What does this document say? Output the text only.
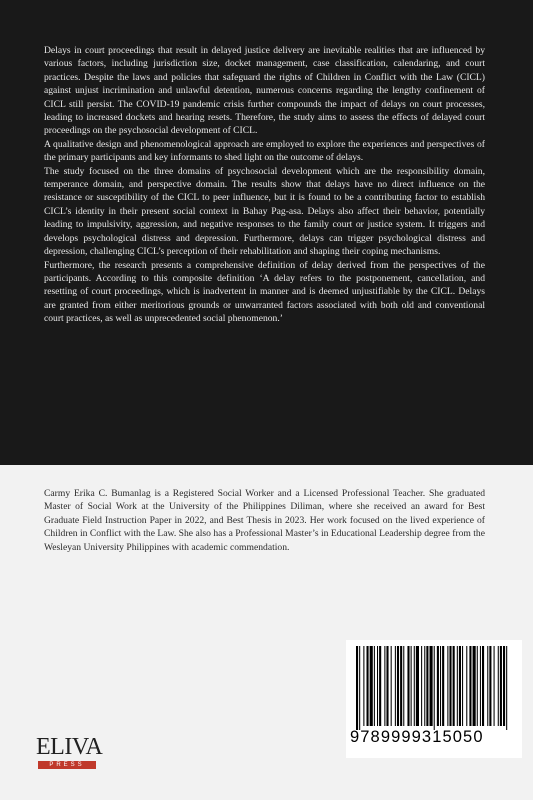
Delays in court proceedings that result in delayed justice delivery are inevitable realities that are influenced by various factors, including jurisdiction size, docket management, case classification, calendaring, and court practices. Despite the laws and policies that safeguard the rights of Children in Conflict with the Law (CICL) against unjust incrimination and unlawful detention, numerous concerns regarding the lengthy confinement of CICL still persist. The COVID-19 pandemic crisis further compounds the impact of delays on court processes, leading to increased dockets and hearing resets. Therefore, the study aims to assess the effects of delayed court proceedings on the psychosocial development of CICL.

A qualitative design and phenomenological approach are employed to explore the experiences and perspectives of the primary participants and key informants to shed light on the outcome of delays.

The study focused on the three domains of psychosocial development which are the responsibility domain, temperance domain, and perspective domain. The results show that delays have no direct influence on the resistance or susceptibility of the CICL to peer influence, but it is found to be a contributing factor to establish CICL’s identity in their present social context in Bahay Pag-asa. Delays also affect their behavior, potentially leading to impulsivity, aggression, and negative responses to the family court or justice system. It triggers and develops psychological distress and depression. Furthermore, delays can trigger psychological distress and depression, challenging CICL’s perception of their rehabilitation and shaping their coping mechanisms.

Furthermore, the research presents a comprehensive definition of delay derived from the perspectives of the participants. According to this composite definition ‘A delay refers to the postponement, cancellation, and resetting of court proceedings, which is inadvertent in manner and is deemed unjustifiable by the CICL. Delays are granted from either meritorious grounds or unwarranted factors associated with both old and conventional court practices, as well as unprecedented social phenomenon.’

Carmy Erika C. Bumanlag is a Registered Social Worker and a Licensed Professional Teacher. She graduated Master of Social Work at the University of the Philippines Diliman, where she received an award for Best Graduate Field Instruction Paper in 2022, and Best Thesis in 2023. Her work focused on the lived experience of Children in Conflict with the Law. She also has a Professional Master’s in Educational Leadership degree from the Wesleyan University Philippines with academic commendation.

9789999315050
ELIVA
PRESS
